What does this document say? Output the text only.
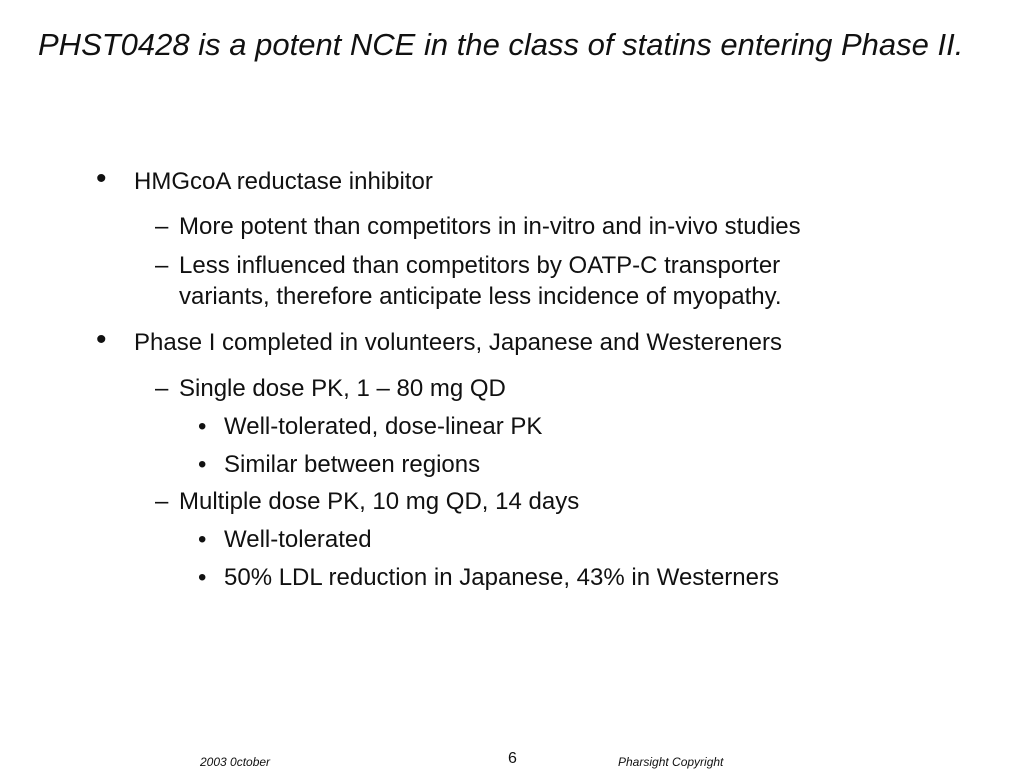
PHST0428 is a potent NCE in the class of statins entering Phase II.
• HMGcoA reductase inhibitor
– More potent than competitors in in-vitro and in-vivo studies
– Less influenced than competitors by OATP-C transporter
variants, therefore anticipate less incidence of myopathy.
• Phase I completed in volunteers, Japanese and Westereners
– Single dose PK, 1 – 80 mg QD
• Well-tolerated, dose-linear PK
• Similar between regions
– Multiple dose PK, 10 mg QD, 14 days
• Well-tolerated
• 50% LDL reduction in Japanese, 43% in Westerners
2003 0ctober	6	Pharsight Copyright
